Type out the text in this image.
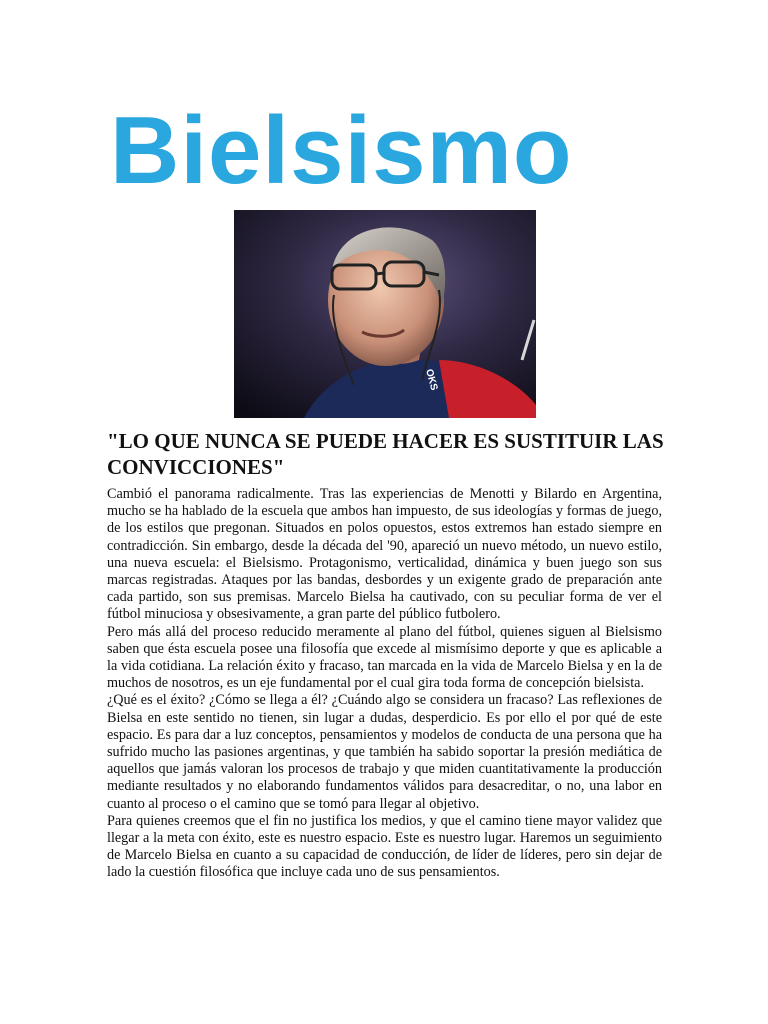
Bielsismo
OKS
"LO QUE NUNCA SE PUEDE HACER ES SUSTITUIR LAS CONVICCIONES"

Cambió el panorama radicalmente. Tras las experiencias de Menotti y Bilardo en Argentina, mucho se ha hablado de la escuela que ambos han impuesto, de sus ideologías y formas de juego, de los estilos que pregonan. Situados en polos opuestos, estos extremos han estado siempre en contradicción. Sin embargo, desde la década del '90, apareció un nuevo método, un nuevo estilo, una nueva escuela: el Bielsismo. Protagonismo, verticalidad, dinámica y buen juego son sus marcas registradas. Ataques por las bandas, desbordes y un exigente grado de preparación ante cada partido, son sus premisas. Marcelo Bielsa ha cautivado, con su peculiar forma de ver el fútbol minuciosa y obsesivamente, a gran parte del público futbolero.

Pero más allá del proceso reducido meramente al plano del fútbol, quienes siguen al Bielsismo saben que ésta escuela posee una filosofía que excede al mismísimo deporte y que es aplicable a la vida cotidiana. La relación éxito y fracaso, tan marcada en la vida de Marcelo Bielsa y en la de muchos de nosotros, es un eje fundamental por el cual gira toda forma de concepción bielsista.

¿Qué es el éxito? ¿Cómo se llega a él? ¿Cuándo algo se considera un fracaso? Las reflexiones de Bielsa en este sentido no tienen, sin lugar a dudas, desperdicio. Es por ello el por qué de este espacio. Es para dar a luz conceptos, pensamientos y modelos de conducta de una persona que ha sufrido mucho las pasiones argentinas, y que también ha sabido soportar la presión mediática de aquellos que jamás valoran los procesos de trabajo y que miden cuantitativamente la producción mediante resultados y no elaborando fundamentos válidos para desacreditar, o no, una labor en cuanto al proceso o el camino que se tomó para llegar al objetivo.

Para quienes creemos que el fin no justifica los medios, y que el camino tiene mayor validez que llegar a la meta con éxito, este es nuestro espacio. Este es nuestro lugar. Haremos un seguimiento de Marcelo Bielsa en cuanto a su capacidad de conducción, de líder de líderes, pero sin dejar de lado la cuestión filosófica que incluye cada uno de sus pensamientos.
